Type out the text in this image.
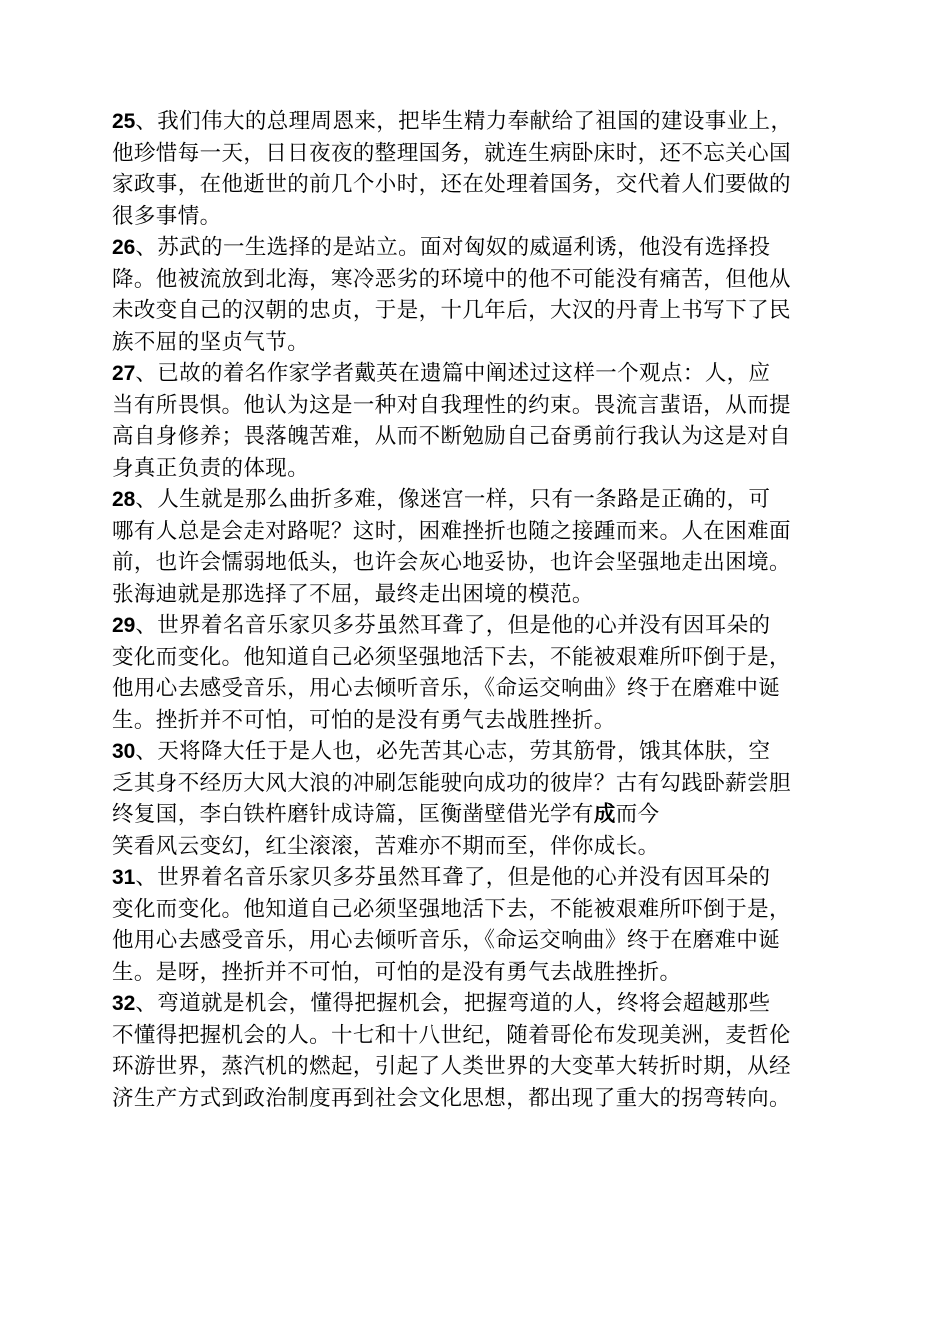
25、我们伟大的总理周恩来，把毕生精力奉献给了祖国的建设事业上，
他珍惜每一天，日日夜夜的整理国务，就连生病卧床时，还不忘关心国
家政事，在他逝世的前几个小时，还在处理着国务，交代着人们要做的
很多事情。
26、苏武的一生选择的是站立。面对匈奴的威逼利诱，他没有选择投
降。他被流放到北海，寒冷恶劣的环境中的他不可能没有痛苦，但他从
未改变自己的汉朝的忠贞，于是，十几年后，大汉的丹青上书写下了民
族不屈的坚贞气节。
27、已故的着名作家学者戴英在遗篇中阐述过这样一个观点：人，应
当有所畏惧。他认为这是一种对自我理性的约束。畏流言蜚语，从而提
高自身修养；畏落魄苦难，从而不断勉励自己奋勇前行我认为这是对自
身真正负责的体现。
28、人生就是那么曲折多难，像迷宫一样，只有一条路是正确的，可
哪有人总是会走对路呢？这时，困难挫折也随之接踵而来。人在困难面
前，也许会懦弱地低头，也许会灰心地妥协，也许会坚强地走出困境。
张海迪就是那选择了不屈，最终走出困境的模范。
29、世界着名音乐家贝多芬虽然耳聋了，但是他的心并没有因耳朵的
变化而变化。他知道自己必须坚强地活下去，不能被艰难所吓倒于是，
他用心去感受音乐，用心去倾听音乐，《命运交响曲》终于在磨难中诞
生。挫折并不可怕，可怕的是没有勇气去战胜挫折。
30、天将降大任于是人也，必先苦其心志，劳其筋骨，饿其体肤，空
乏其身不经历大风大浪的冲刷怎能驶向成功的彼岸？古有勾践卧薪尝胆
终复国，李白铁杵磨针成诗篇，匡衡凿壁借光学有成而今
笑看风云变幻，红尘滚滚，苦难亦不期而至，伴你成长。
31、世界着名音乐家贝多芬虽然耳聋了，但是他的心并没有因耳朵的
变化而变化。他知道自己必须坚强地活下去，不能被艰难所吓倒于是，
他用心去感受音乐，用心去倾听音乐，《命运交响曲》终于在磨难中诞
生。是呀，挫折并不可怕，可怕的是没有勇气去战胜挫折。
32、弯道就是机会，懂得把握机会，把握弯道的人，终将会超越那些
不懂得把握机会的人。十七和十八世纪，随着哥伦布发现美洲，麦哲伦
环游世界，蒸汽机的燃起，引起了人类世界的大变革大转折时期，从经
济生产方式到政治制度再到社会文化思想，都出现了重大的拐弯转向。
